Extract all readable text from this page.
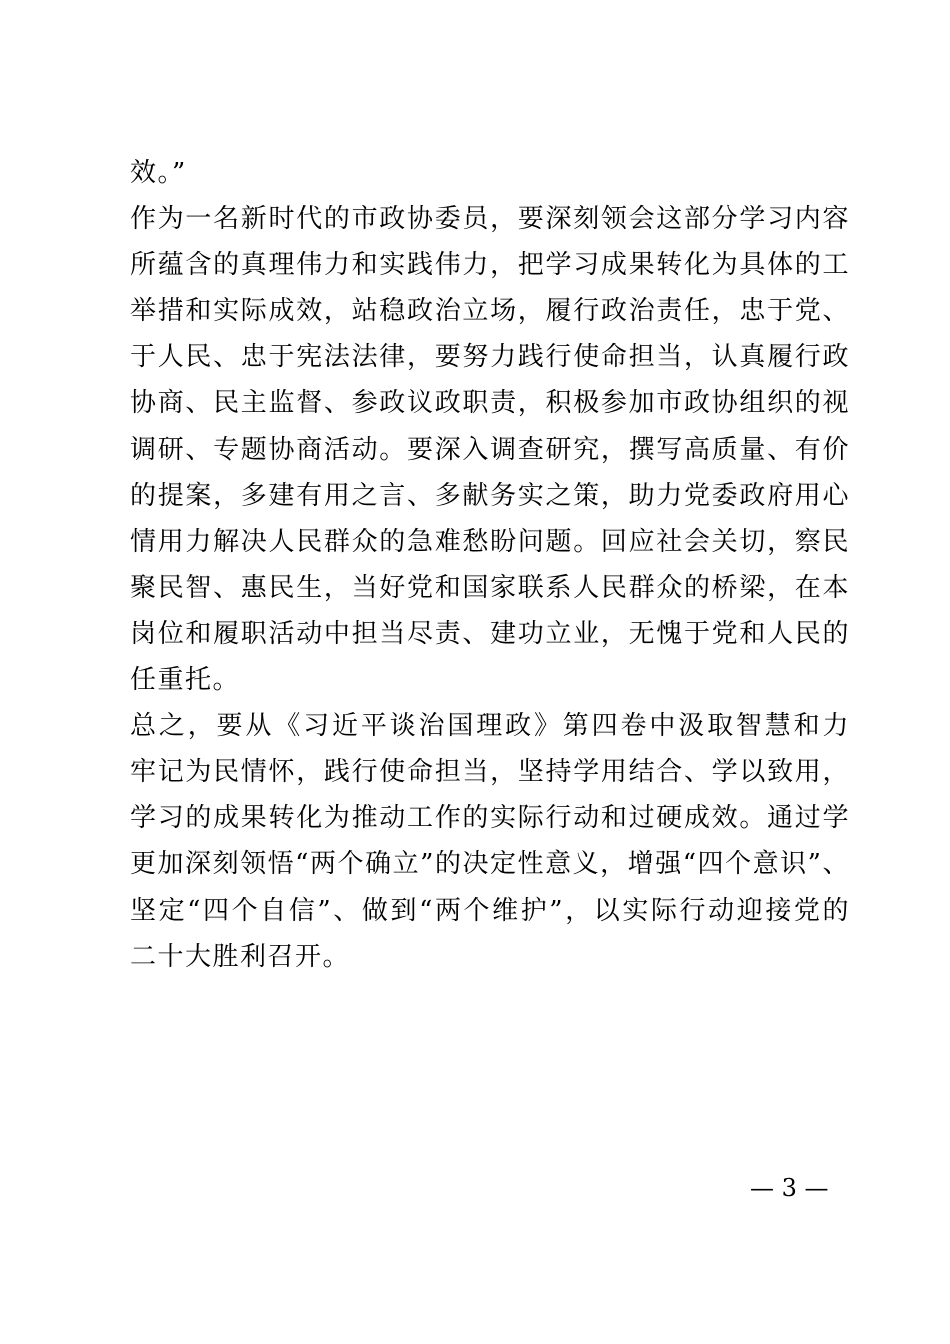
效。”
作为一名新时代的市政协委员，要深刻领会这部分学习内容
所蕴含的真理伟力和实践伟力，把学习成果转化为具体的工
举措和实际成效，站稳政治立场，履行政治责任，忠于党、
于人民、忠于宪法法律，要努力践行使命担当，认真履行政
协商、民主监督、参政议政职责，积极参加市政协组织的视
调研、专题协商活动。要深入调查研究，撰写高质量、有价
的提案，多建有用之言、多献务实之策，助力党委政府用心
情用力解决人民群众的急难愁盼问题。回应社会关切，察民
聚民智、惠民生，当好党和国家联系人民群众的桥梁，在本
岗位和履职活动中担当尽责、建功立业，无愧于党和人民的
任重托。
总之，要从《习近平谈治国理政》第四卷中汲取智慧和力
牢记为民情怀，践行使命担当，坚持学用结合、学以致用，
学习的成果转化为推动工作的实际行动和过硬成效。通过学
更加深刻领悟“两个确立”的决定性意义，增强“四个意识”、
坚定“四个自信”、做到“两个维护”，以实际行动迎接党的
二十大胜利召开。
— 3 —
